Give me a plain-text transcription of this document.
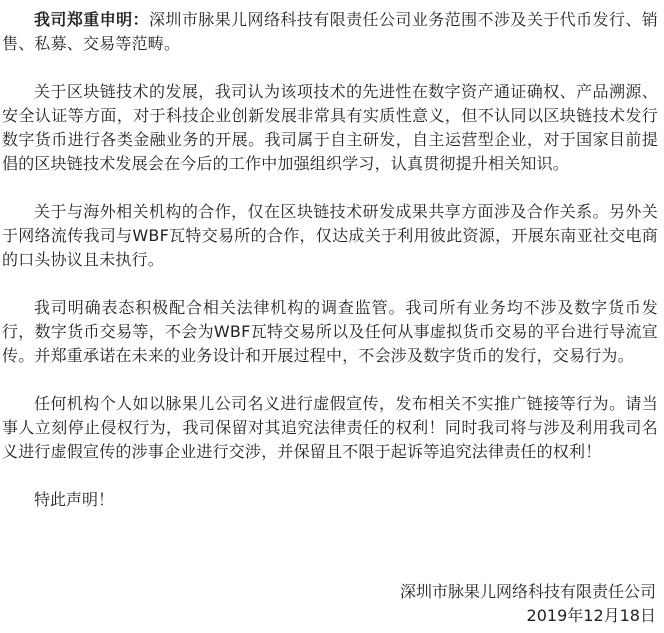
我司郑重申明：深圳市脉果儿网络科技有限责任公司业务范围不涉及关于代币发行、销售、私募、交易等范畴。

关于区块链技术的发展，我司认为该项技术的先进性在数字资产通证确权、产品溯源、安全认证等方面，对于科技企业创新发展非常具有实质性意义，但不认同以区块链技术发行数字货币进行各类金融业务的开展。我司属于自主研发，自主运营型企业，对于国家目前提倡的区块链技术发展会在今后的工作中加强组织学习，认真贯彻提升相关知识。

关于与海外相关机构的合作，仅在区块链技术研发成果共享方面涉及合作关系。另外关于网络流传我司与WBF瓦特交易所的合作，仅达成关于利用彼此资源，开展东南亚社交电商的口头协议且未执行。

我司明确表态积极配合相关法律机构的调查监管。我司所有业务均不涉及数字货币发行，数字货币交易等，不会为WBF瓦特交易所以及任何从事虚拟货币交易的平台进行导流宣传。并郑重承诺在未来的业务设计和开展过程中，不会涉及数字货币的发行，交易行为。

任何机构个人如以脉果儿公司名义进行虚假宣传，发布相关不实推广链接等行为。请当事人立刻停止侵权行为，我司保留对其追究法律责任的权利！同时我司将与涉及利用我司名义进行虚假宣传的涉事企业进行交涉，并保留且不限于起诉等追究法律责任的权利！

特此声明！

深圳市脉果儿网络科技有限责任公司

2019年12月18日
